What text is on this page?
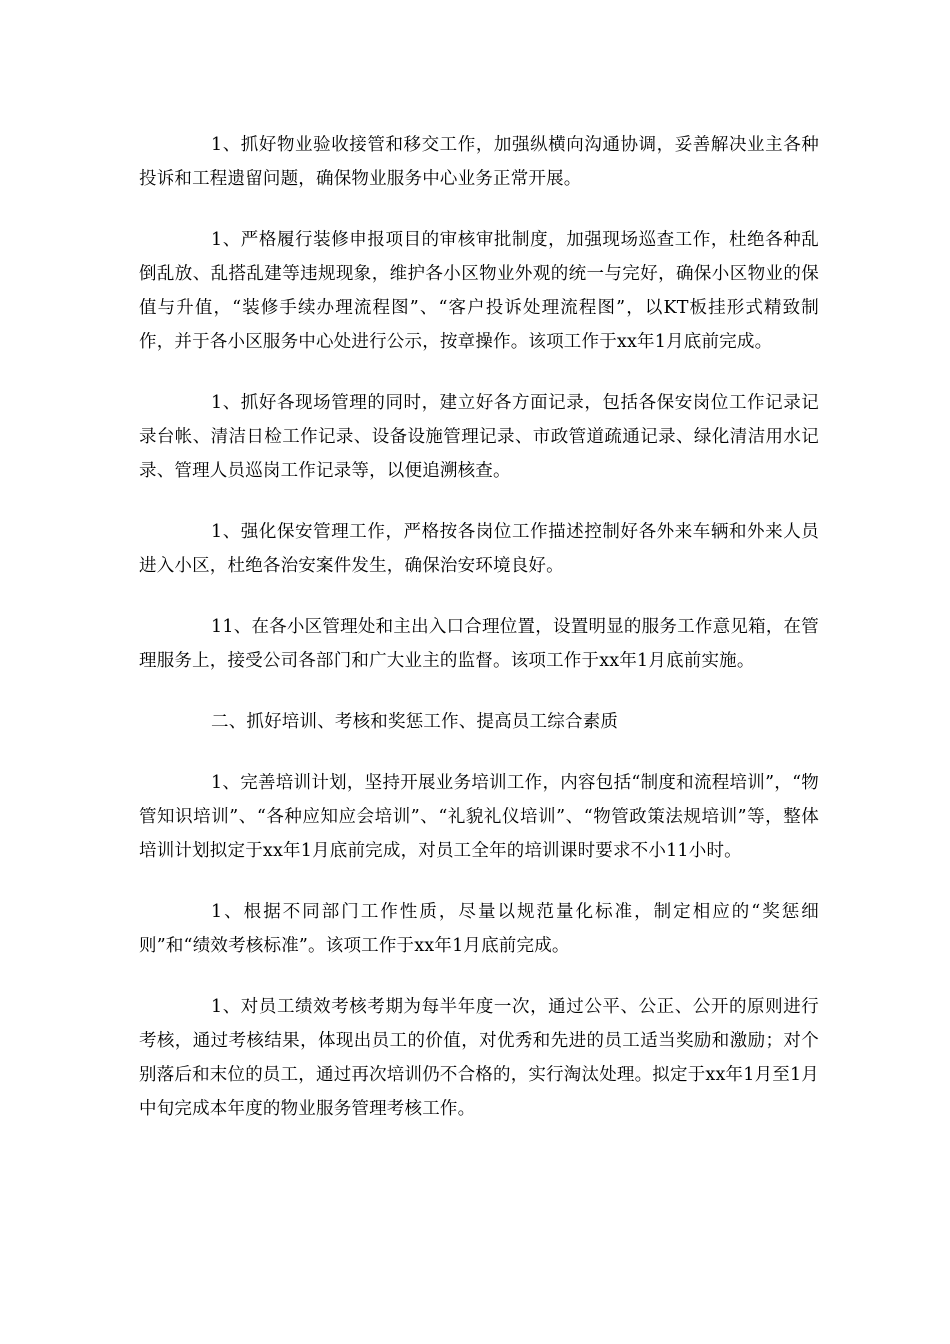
1、抓好物业验收接管和移交工作，加强纵横向沟通协调，妥善解决业主各种投诉和工程遗留问题，确保物业服务中心业务正常开展。

1、严格履行装修申报项目的审核审批制度，加强现场巡查工作，杜绝各种乱倒乱放、乱搭乱建等违规现象，维护各小区物业外观的统一与完好，确保小区物业的保值与升值，“装修手续办理流程图”、“客户投诉处理流程图”，以KT板挂形式精致制作，并于各小区服务中心处进行公示，按章操作。该项工作于xx年1月底前完成。

1、抓好各现场管理的同时，建立好各方面记录，包括各保安岗位工作记录记录台帐、清洁日检工作记录、设备设施管理记录、市政管道疏通记录、绿化清洁用水记录、管理人员巡岗工作记录等，以便追溯核查。

1、强化保安管理工作，严格按各岗位工作描述控制好各外来车辆和外来人员进入小区，杜绝各治安案件发生，确保治安环境良好。

11、在各小区管理处和主出入口合理位置，设置明显的服务工作意见箱，在管理服务上，接受公司各部门和广大业主的监督。该项工作于xx年1月底前实施。

二、抓好培训、考核和奖惩工作、提高员工综合素质

1、完善培训计划，坚持开展业务培训工作，内容包括“制度和流程培训”，“物管知识培训”、“各种应知应会培训”、“礼貌礼仪培训”、“物管政策法规培训”等，整体培训计划拟定于xx年1月底前完成，对员工全年的培训课时要求不小11小时。

1、根据不同部门工作性质，尽量以规范量化标准，制定相应的“奖惩细则”和“绩效考核标准”。该项工作于xx年1月底前完成。

1、对员工绩效考核考期为每半年度一次，通过公平、公正、公开的原则进行考核，通过考核结果，体现出员工的价值，对优秀和先进的员工适当奖励和激励；对个别落后和末位的员工，通过再次培训仍不合格的，实行淘汰处理。拟定于xx年1月至1月中旬完成本年度的物业服务管理考核工作。
